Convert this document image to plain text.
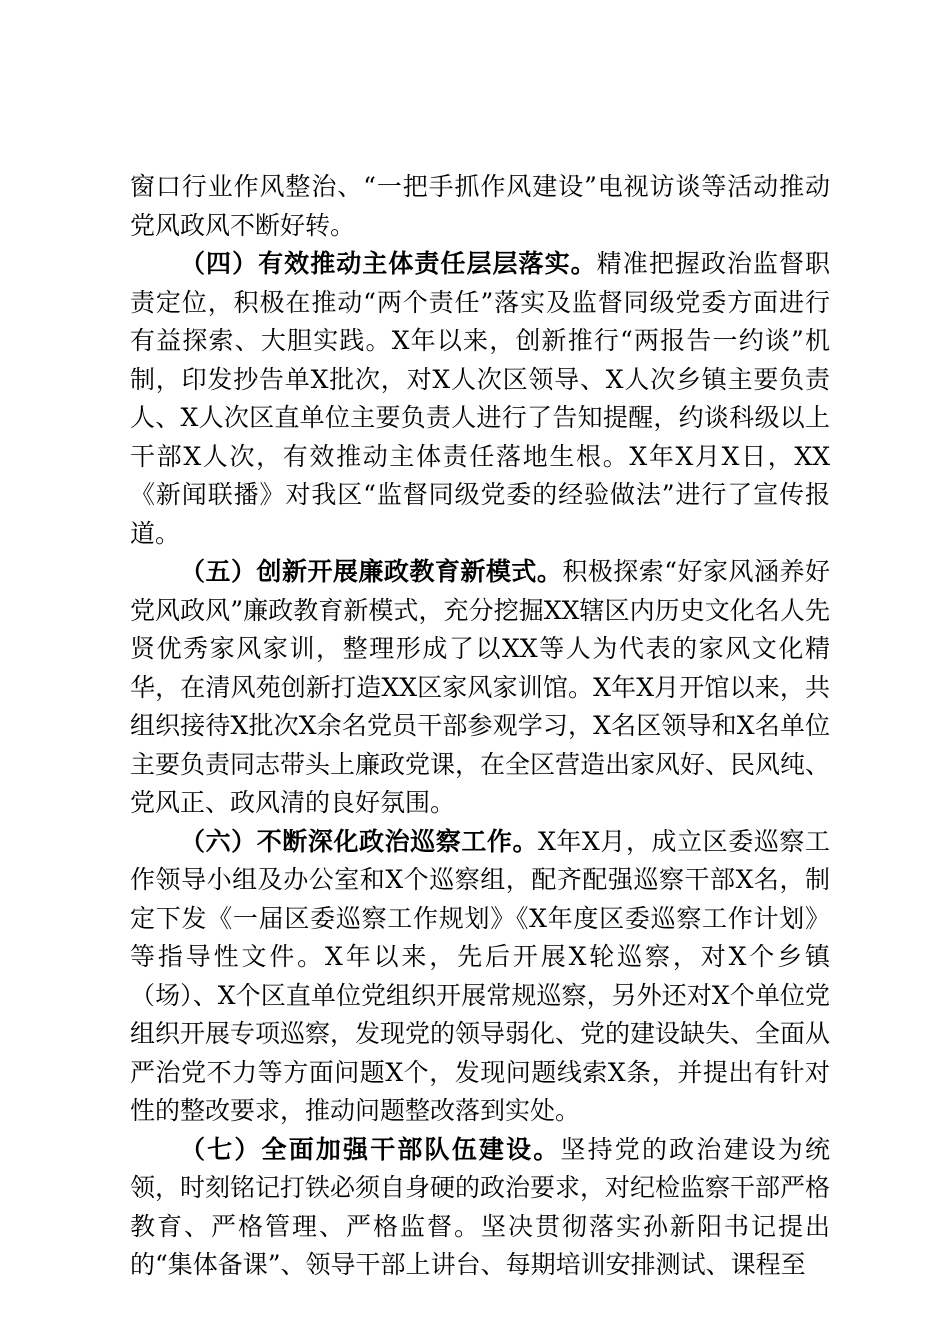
窗口行业作风整治、“一把手抓作风建设”电视访谈等活动推动党风政风不断好转。

（四）有效推动主体责任层层落实。精准把握政治监督职责定位，积极在推动“两个责任”落实及监督同级党委方面进行有益探索、大胆实践。X年以来，创新推行“两报告一约谈”机制，印发抄告单X批次，对X人次区领导、X人次乡镇主要负责人、X人次区直单位主要负责人进行了告知提醒，约谈科级以上干部X人次，有效推动主体责任落地生根。X年X月X日，XX《新闻联播》对我区“监督同级党委的经验做法”进行了宣传报道。

（五）创新开展廉政教育新模式。积极探索“好家风涵养好党风政风”廉政教育新模式，充分挖掘XX辖区内历史文化名人先贤优秀家风家训，整理形成了以XX等人为代表的家风文化精华，在清风苑创新打造XX区家风家训馆。X年X月开馆以来，共组织接待X批次X余名党员干部参观学习，X名区领导和X名单位主要负责同志带头上廉政党课，在全区营造出家风好、民风纯、党风正、政风清的良好氛围。

（六）不断深化政治巡察工作。X年X月，成立区委巡察工作领导小组及办公室和X个巡察组，配齐配强巡察干部X名，制定下发《一届区委巡察工作规划》《X年度区委巡察工作计划》等指导性文件。X年以来，先后开展X轮巡察，对X个乡镇（场）、X个区直单位党组织开展常规巡察，另外还对X个单位党组织开展专项巡察，发现党的领导弱化、党的建设缺失、全面从严治党不力等方面问题X个，发现问题线索X条，并提出有针对性的整改要求，推动问题整改落到实处。

（七）全面加强干部队伍建设。坚持党的政治建设为统领，时刻铭记打铁必须自身硬的政治要求，对纪检监察干部严格教育、严格管理、严格监督。坚决贯彻落实孙新阳书记提出的“集体备课”、领导干部上讲台、每期培训安排测试、课程至
